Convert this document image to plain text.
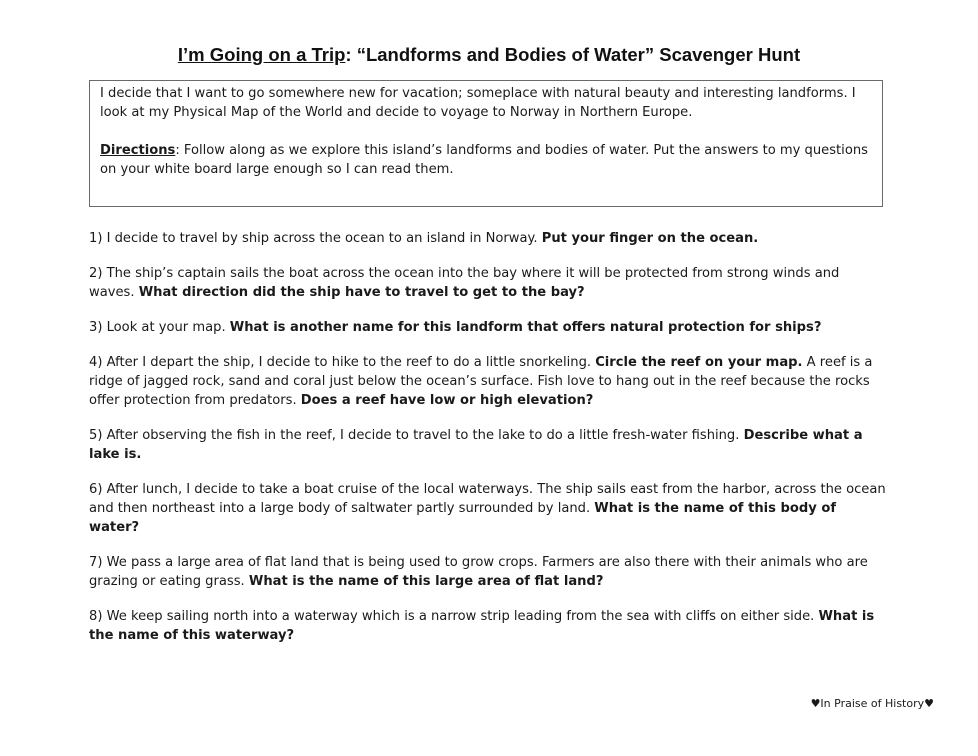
I’m Going on a Trip: “Landforms and Bodies of Water” Scavenger Hunt

I decide that I want to go somewhere new for vacation; someplace with natural beauty and interesting landforms. I look at my Physical Map of the World and decide to voyage to Norway in Northern Europe.

Directions: Follow along as we explore this island’s landforms and bodies of water. Put the answers to my questions on your white board large enough so I can read them.

1) I decide to travel by ship across the ocean to an island in Norway. Put your finger on the ocean.

2) The ship’s captain sails the boat across the ocean into the bay where it will be protected from strong winds and waves. What direction did the ship have to travel to get to the bay?

3) Look at your map. What is another name for this landform that offers natural protection for ships?

4) After I depart the ship, I decide to hike to the reef to do a little snorkeling. Circle the reef on your map. A reef is a ridge of jagged rock, sand and coral just below the ocean’s surface. Fish love to hang out in the reef because the rocks offer protection from predators. Does a reef have low or high elevation?

5) After observing the fish in the reef, I decide to travel to the lake to do a little fresh-water fishing. Describe what a lake is.

6) After lunch, I decide to take a boat cruise of the local waterways. The ship sails east from the harbor, across the ocean and then northeast into a large body of saltwater partly surrounded by land. What is the name of this body of water?

7) We pass a large area of flat land that is being used to grow crops. Farmers are also there with their animals who are grazing or eating grass. What is the name of this large area of flat land?

8) We keep sailing north into a waterway which is a narrow strip leading from the sea with cliffs on either side. What is the name of this waterway?

♥In Praise of History♥
